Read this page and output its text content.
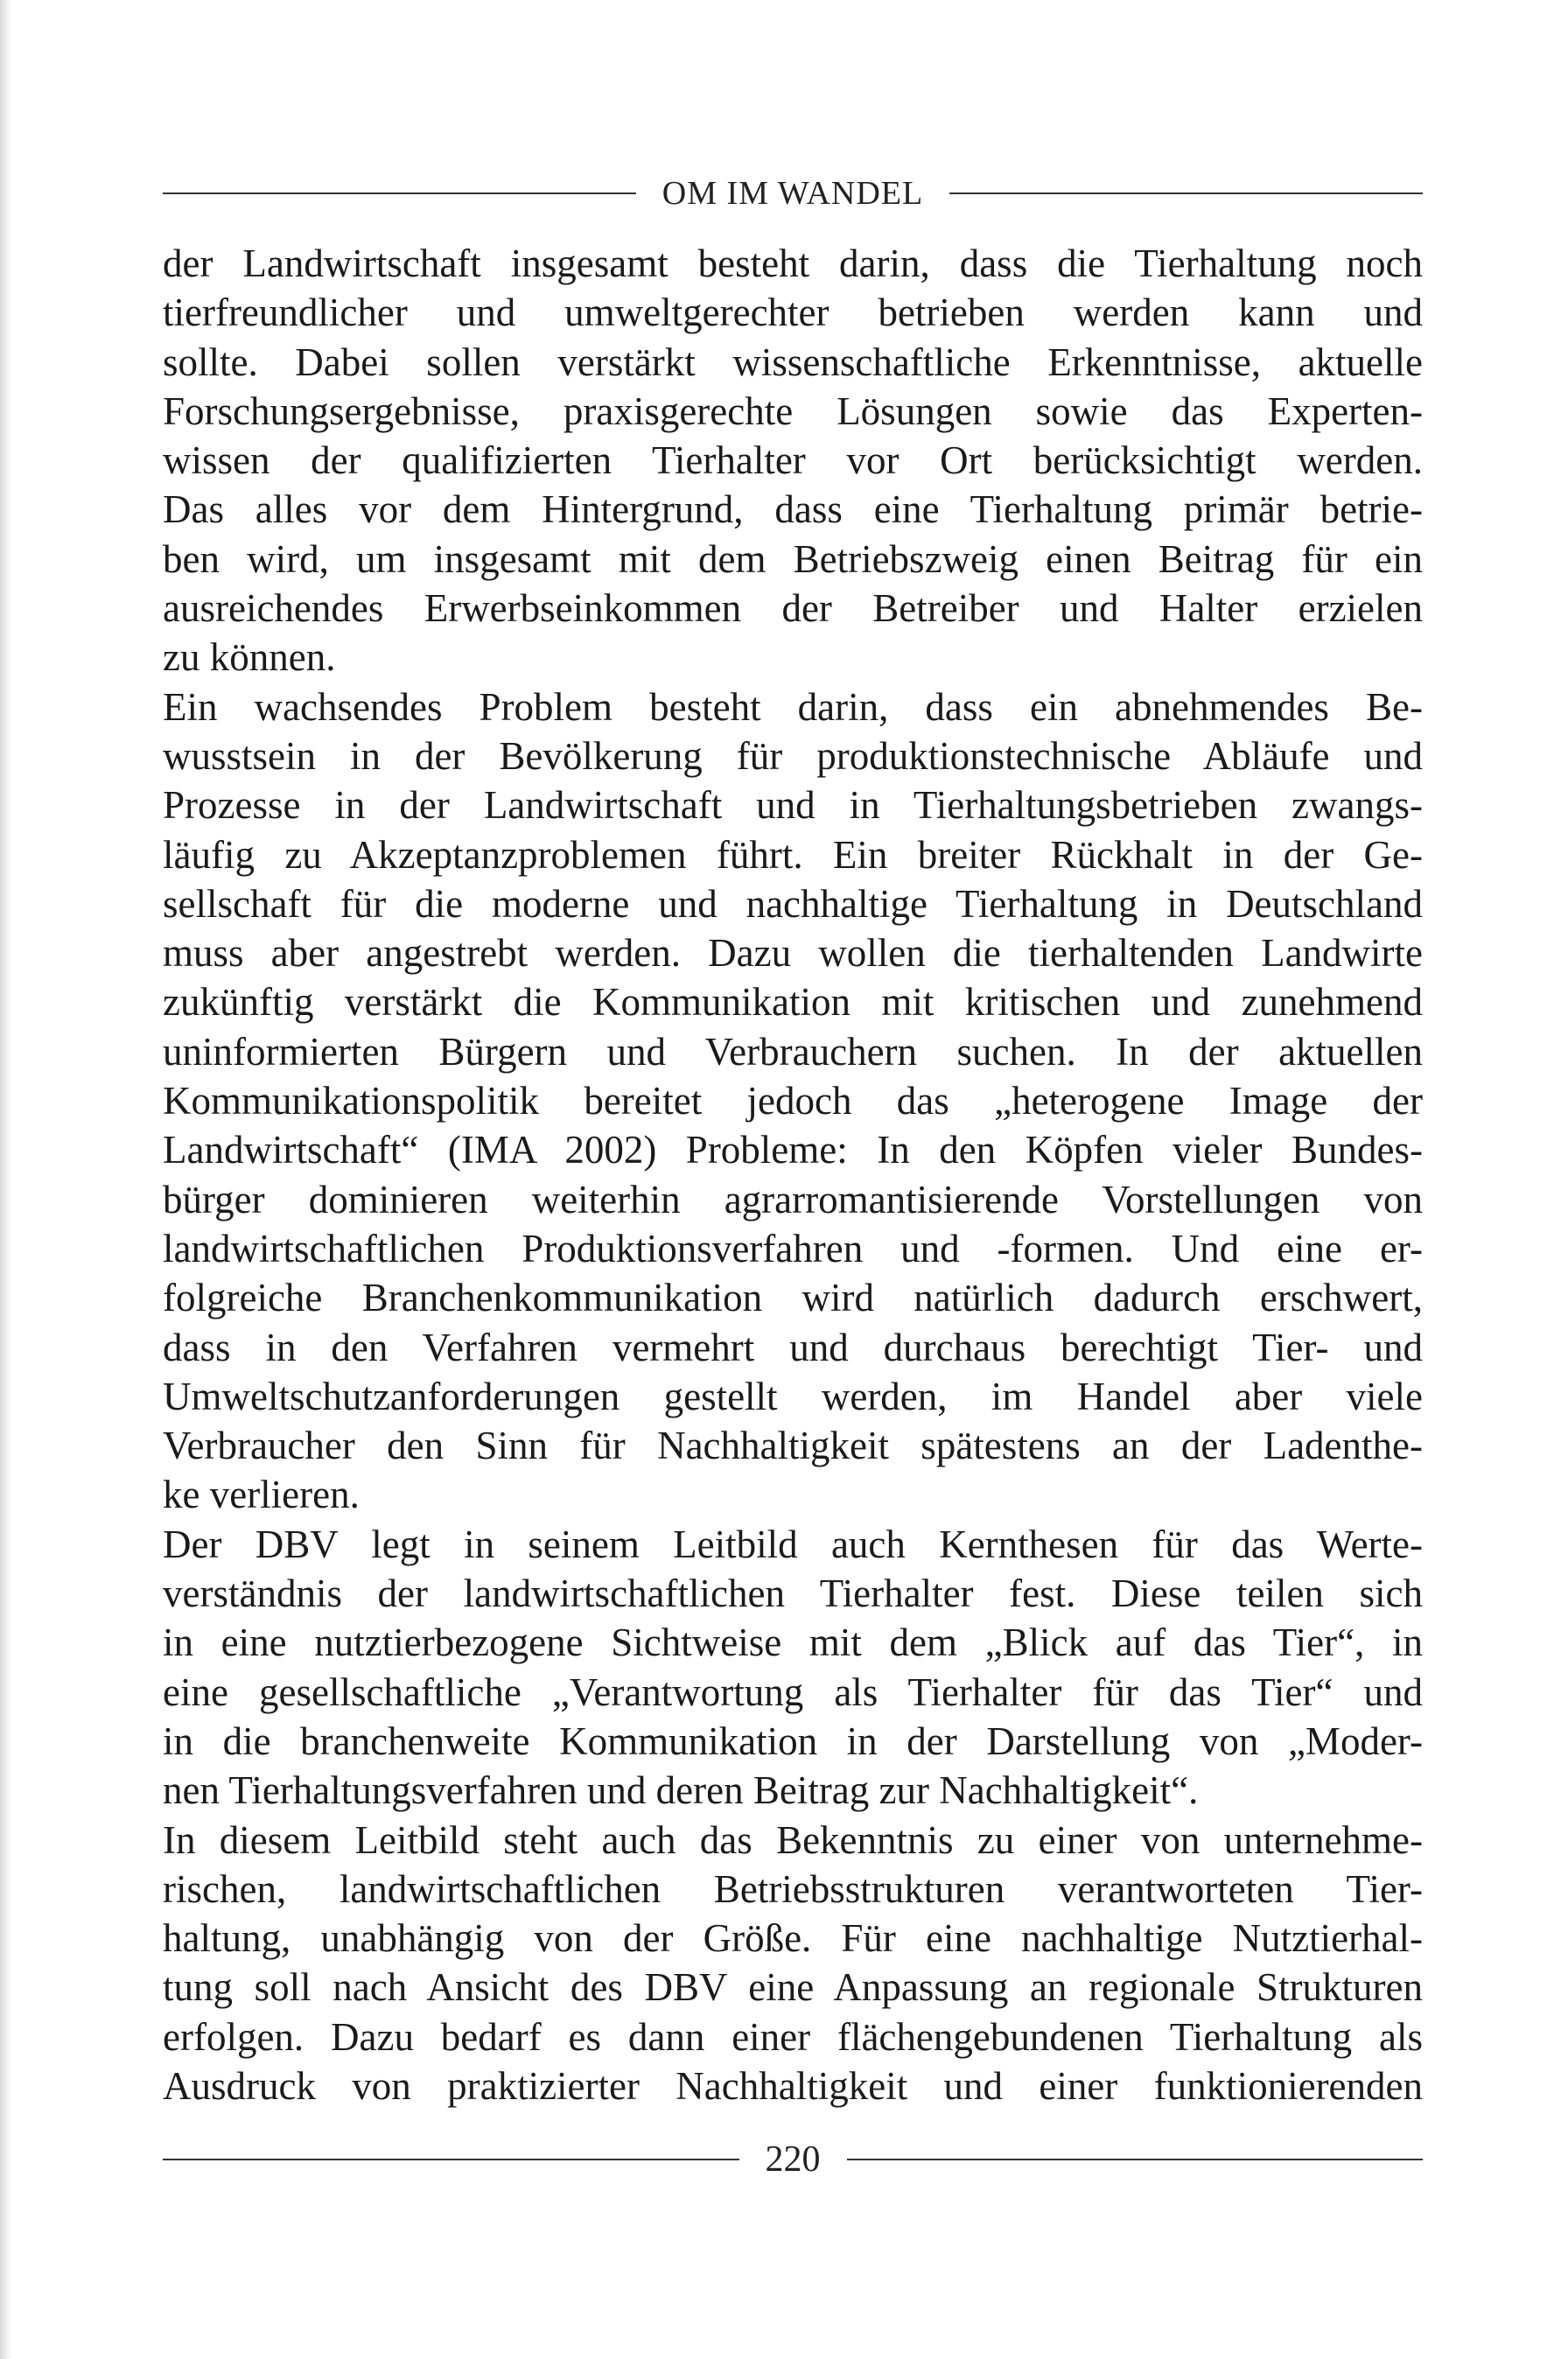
OM IM WANDEL
der Landwirtschaft insgesamt besteht darin, dass die Tierhaltung noch
tierfreundlicher und umweltgerechter betrieben werden kann und
sollte. Dabei sollen verstärkt wissenschaftliche Erkenntnisse, aktuelle
Forschungsergebnisse, praxisgerechte Lösungen sowie das Experten-
wissen der qualifizierten Tierhalter vor Ort berücksichtigt werden.
Das alles vor dem Hintergrund, dass eine Tierhaltung primär betrie-
ben wird, um insgesamt mit dem Betriebszweig einen Beitrag für ein
ausreichendes Erwerbseinkommen der Betreiber und Halter erzielen
zu können.
Ein wachsendes Problem besteht darin, dass ein abnehmendes Be-
wusstsein in der Bevölkerung für produktionstechnische Abläufe und
Prozesse in der Landwirtschaft und in Tierhaltungsbetrieben zwangs-
läufig zu Akzeptanzproblemen führt. Ein breiter Rückhalt in der Ge-
sellschaft für die moderne und nachhaltige Tierhaltung in Deutschland
muss aber angestrebt werden. Dazu wollen die tierhaltenden Landwirte
zukünftig verstärkt die Kommunikation mit kritischen und zunehmend
uninformierten Bürgern und Verbrauchern suchen. In der aktuellen
Kommunikationspolitik bereitet jedoch das „heterogene Image der
Landwirtschaft“ (IMA 2002) Probleme: In den Köpfen vieler Bundes-
bürger dominieren weiterhin agrarromantisierende Vorstellungen von
landwirtschaftlichen Produktionsverfahren und -formen. Und eine er-
folgreiche Branchenkommunikation wird natürlich dadurch erschwert,
dass in den Verfahren vermehrt und durchaus berechtigt Tier- und
Umweltschutzanforderungen gestellt werden, im Handel aber viele
Verbraucher den Sinn für Nachhaltigkeit spätestens an der Ladenthe-
ke verlieren.
Der DBV legt in seinem Leitbild auch Kernthesen für das Werte-
verständnis der landwirtschaftlichen Tierhalter fest. Diese teilen sich
in eine nutztierbezogene Sichtweise mit dem „Blick auf das Tier“, in
eine gesellschaftliche „Verantwortung als Tierhalter für das Tier“ und
in die branchenweite Kommunikation in der Darstellung von „Moder-
nen Tierhaltungsverfahren und deren Beitrag zur Nachhaltigkeit“.
In diesem Leitbild steht auch das Bekenntnis zu einer von unternehme-
rischen, landwirtschaftlichen Betriebsstrukturen verantworteten Tier-
haltung, unabhängig von der Größe. Für eine nachhaltige Nutztierhal-
tung soll nach Ansicht des DBV eine Anpassung an regionale Strukturen
erfolgen. Dazu bedarf es dann einer flächengebundenen Tierhaltung als
Ausdruck von praktizierter Nachhaltigkeit und einer funktionierenden
220
